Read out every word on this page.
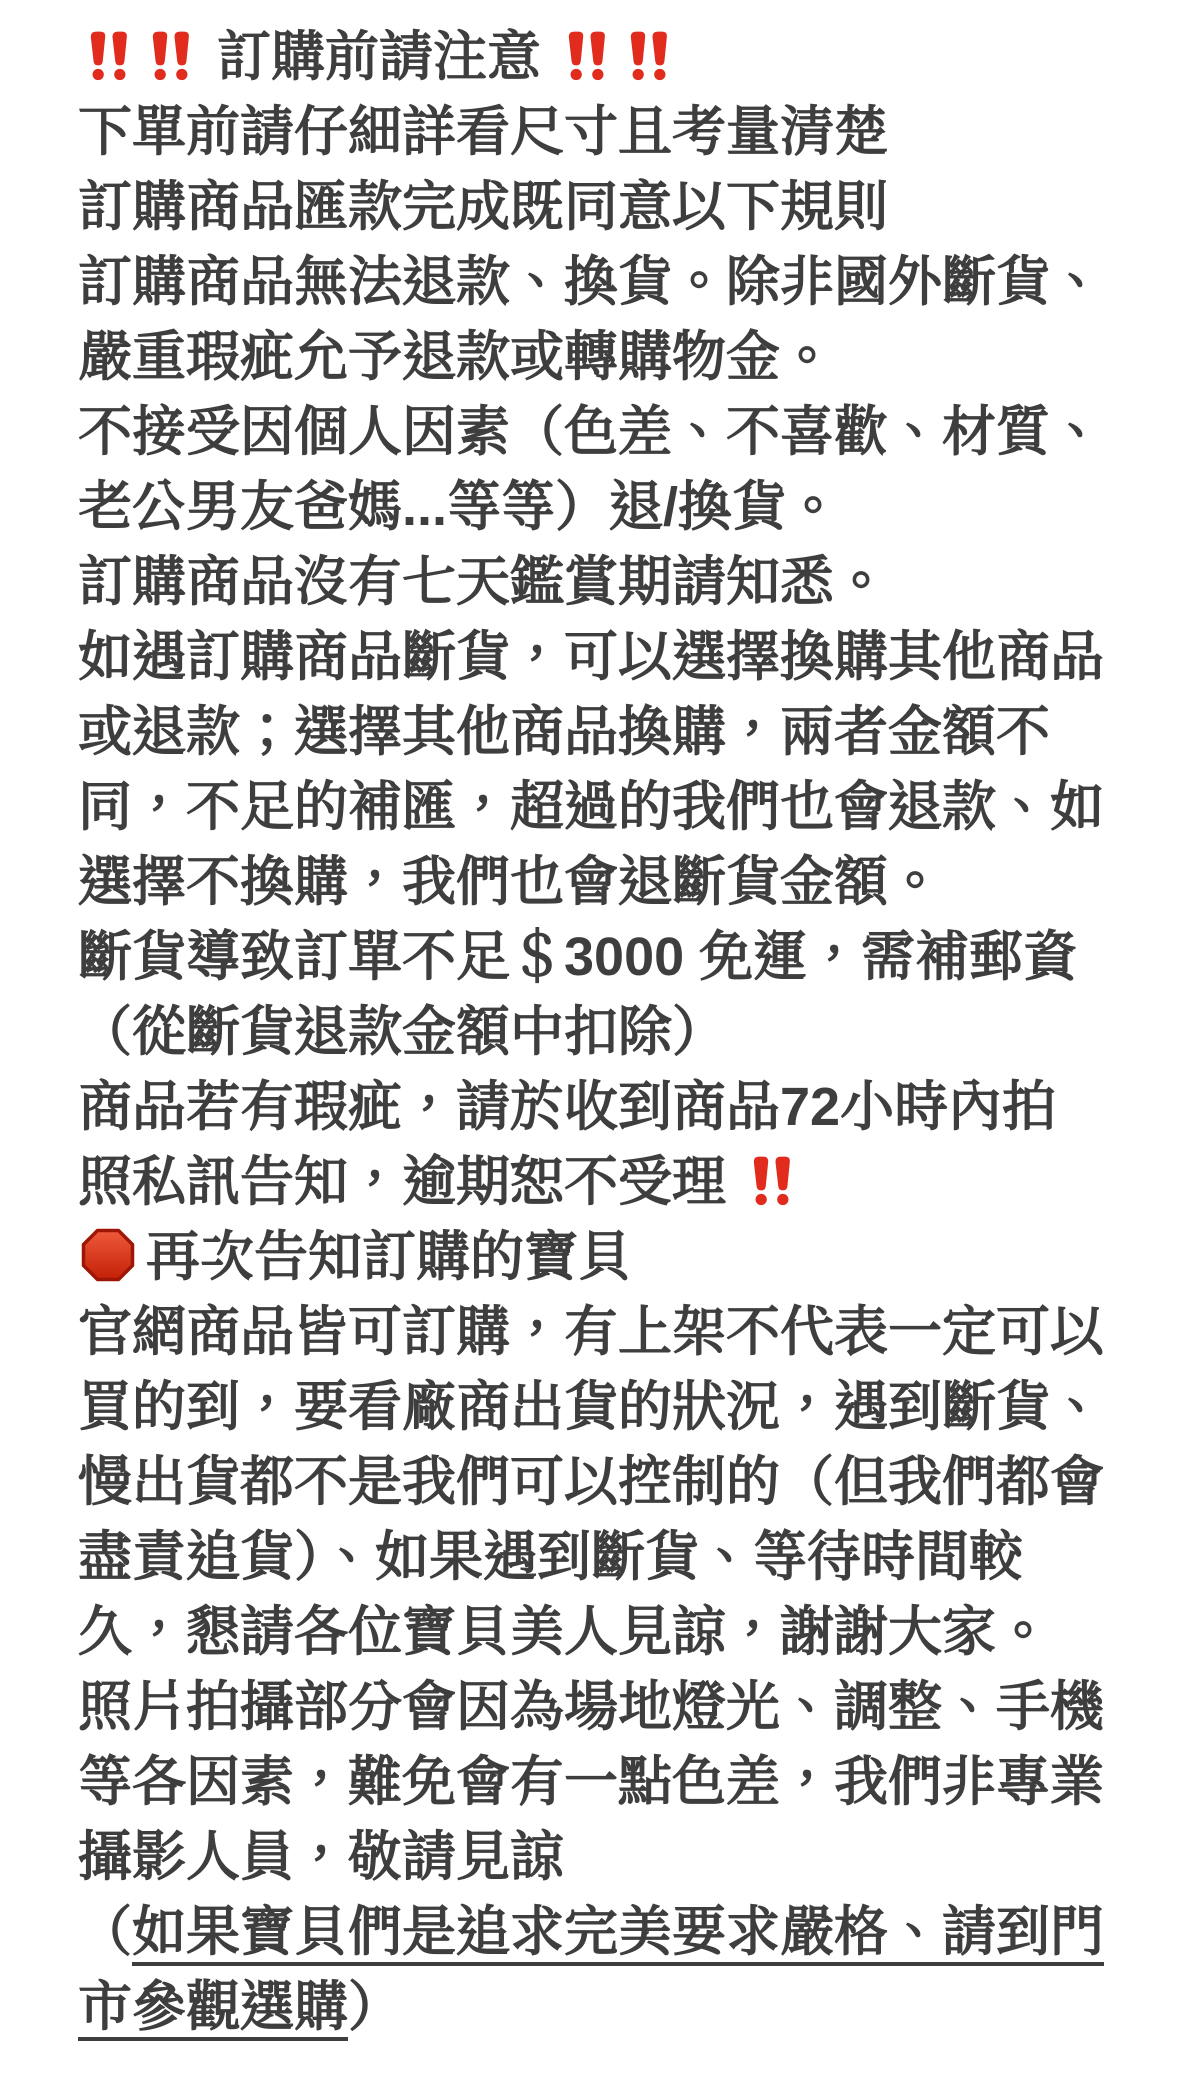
訂購前請注意
下單前請仔細詳看尺寸且考量清楚
訂購商品匯款完成既同意以下規則
訂購商品無法退款、換貨。除非國外斷貨、
嚴重瑕疵允予退款或轉購物金。
不接受因個人因素（色差、不喜歡、材質、
老公男友爸媽...等等）退/換貨。
訂購商品沒有七天鑑賞期請知悉。
如遇訂購商品斷貨，可以選擇換購其他商品
或退款；選擇其他商品換購，兩者金額不
同，不足的補匯，超過的我們也會退款、如
選擇不換購，我們也會退斷貨金額。
斷貨導致訂單不足＄3000 免運，需補郵資
（從斷貨退款金額中扣除）
商品若有瑕疵，請於收到商品72小時內拍
照私訊告知，逾期恕不受理
再次告知訂購的寶貝
官網商品皆可訂購，有上架不代表一定可以
買的到，要看廠商出貨的狀況，遇到斷貨、
慢出貨都不是我們可以控制的（但我們都會
盡責追貨）、如果遇到斷貨、等待時間較
久，懇請各位寶貝美人見諒，謝謝大家。
照片拍攝部分會因為場地燈光、調整、手機
等各因素，難免會有一點色差，我們非專業
攝影人員，敬請見諒
（如果寶貝們是追求完美要求嚴格、請到門
市參觀選購）
